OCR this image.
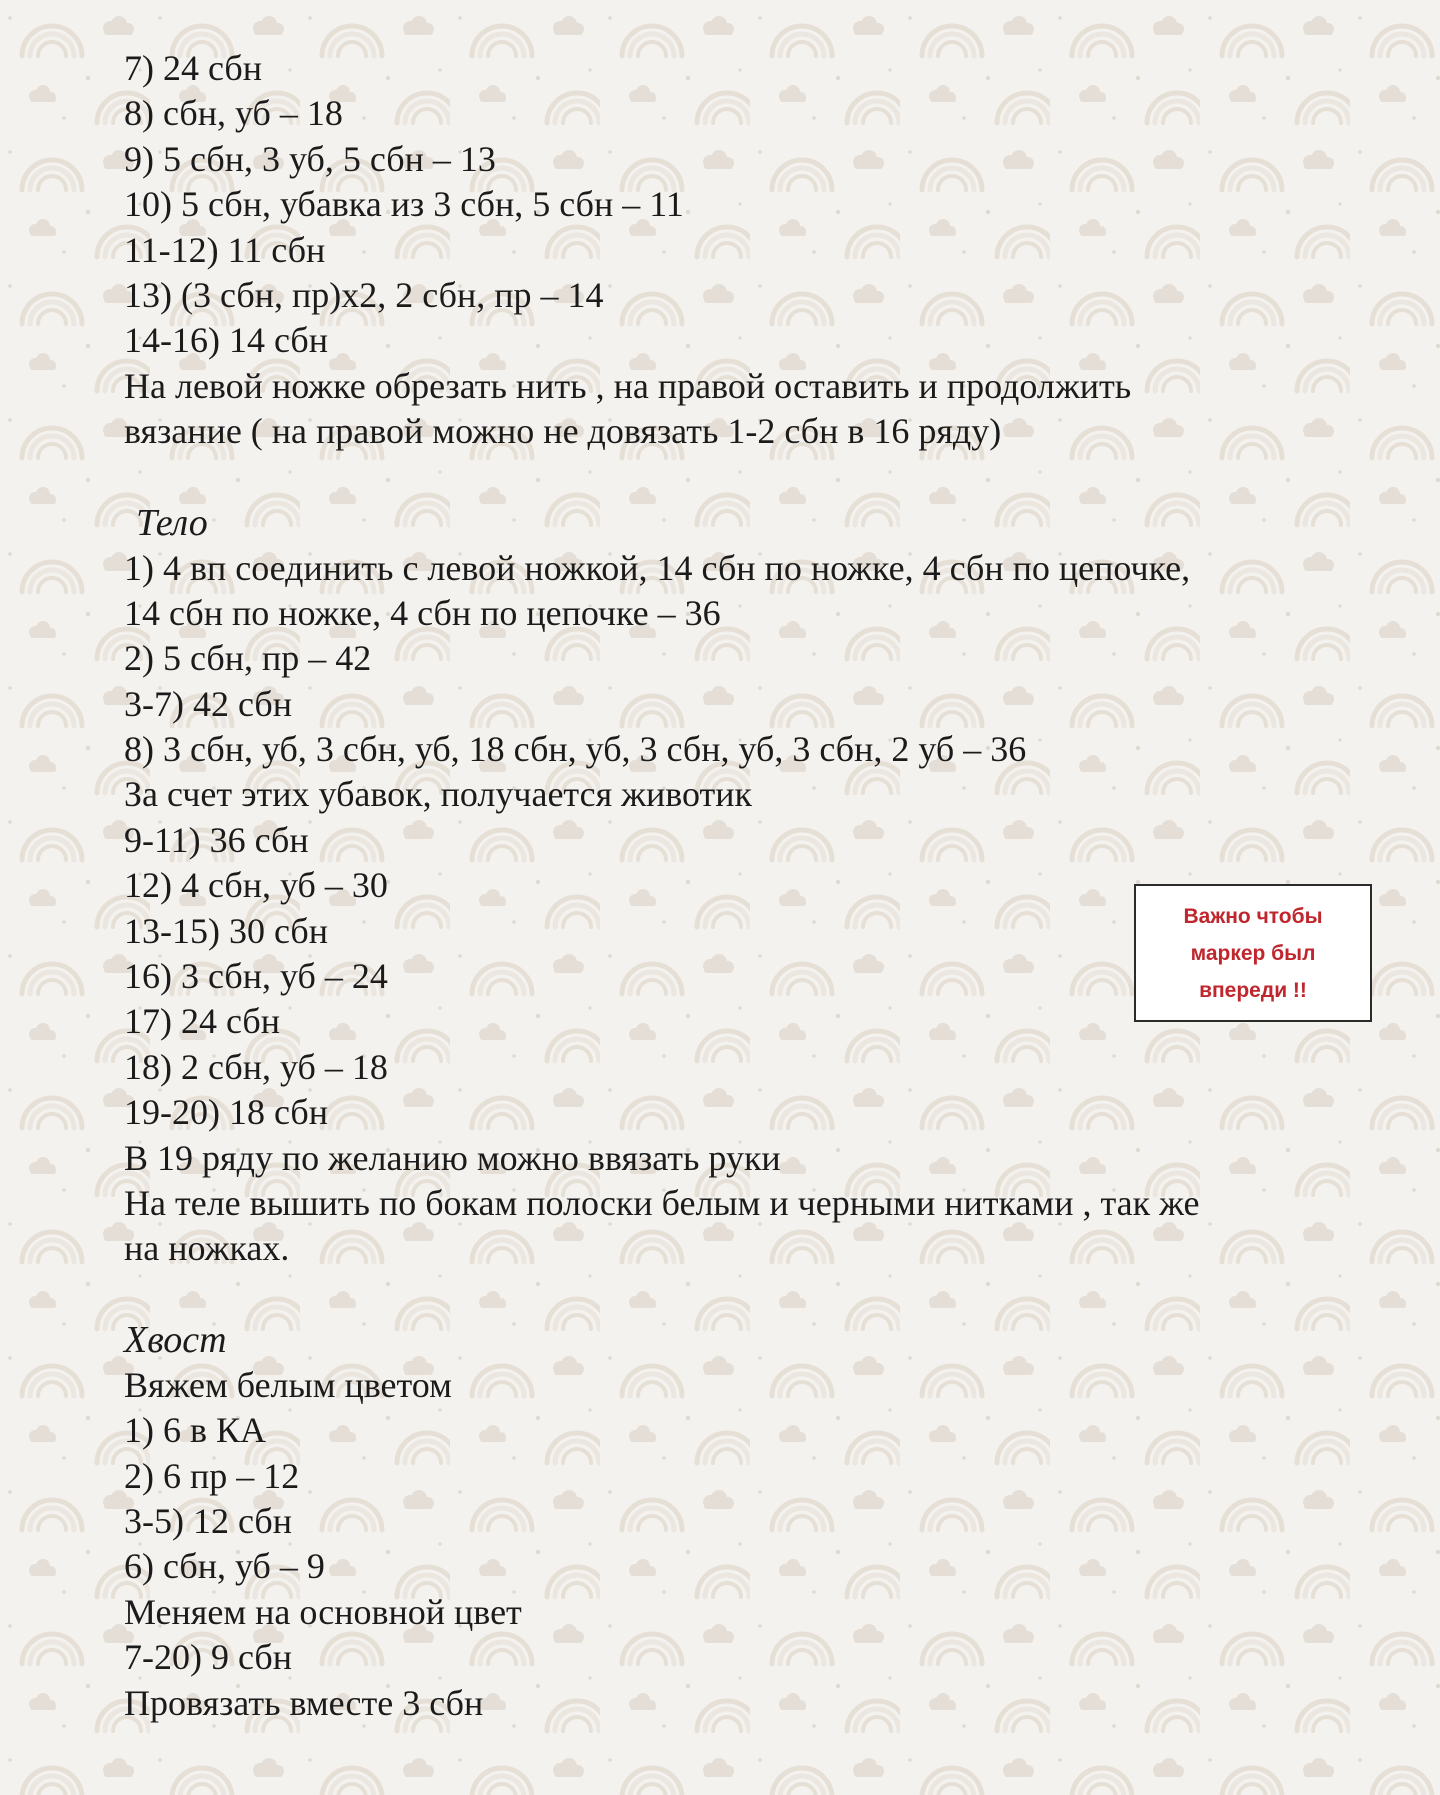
7) 24 сбн
8) сбн, уб – 18
9) 5 сбн, 3 уб, 5 сбн – 13
10) 5 сбн, убавка из 3 сбн, 5 сбн – 11
11-12) 11 сбн
13) (3 сбн, пр)х2, 2 сбн, пр – 14
14-16) 14 сбн
На левой ножке обрезать нить , на правой оставить и продолжить
вязание ( на правой можно не довязать 1-2 сбн в 16 ряду)
Тело
1) 4 вп соединить с левой ножкой, 14 сбн по ножке, 4 сбн по цепочке,
14 сбн по ножке, 4 сбн по цепочке – 36
2) 5 сбн, пр – 42
3-7) 42 сбн
8) 3 сбн, уб, 3 сбн, уб, 18 сбн, уб, 3 сбн, уб, 3 сбн, 2 уб – 36
За счет этих убавок, получается животик
9-11) 36 сбн
12) 4 сбн, уб – 30
13-15) 30 сбн
16) 3 сбн, уб – 24
17) 24 сбн
18) 2 сбн, уб – 18
19-20) 18 сбн
В 19 ряду по желанию можно ввязать руки
На теле вышить по бокам полоски белым и черными нитками , так же
на ножках.
Хвост
Вяжем белым цветом
1) 6 в КА
2) 6 пр – 12
3-5) 12 сбн
6) сбн, уб – 9
Меняем на основной цвет
7-20) 9 сбн
Провязать вместе 3 сбн
Важно чтобы
маркер был
впереди !!
